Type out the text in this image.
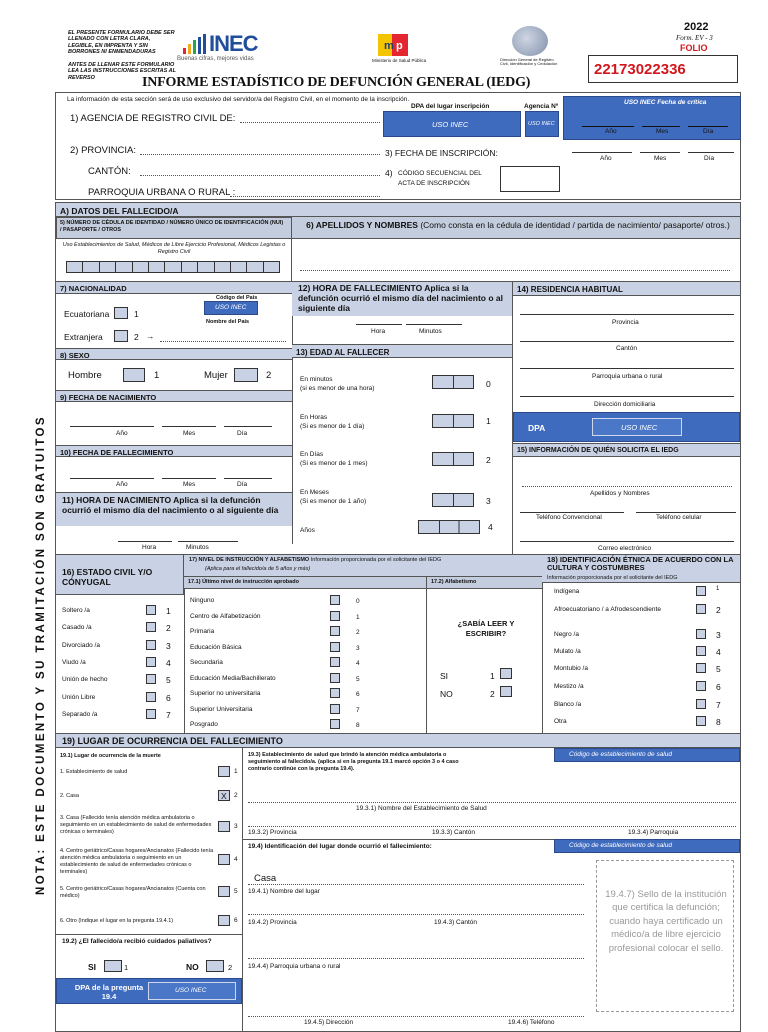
EL PRESENTE FORMULARIO DEBE SER LLENADO CON LETRA CLARA, LEGIBLE, EN IMPRENTA Y SIN BORRONES NI ENMENDADURAS
ANTES DE LLENAR ESTE FORMULARIO LEA LAS INSTRUCCIONES ESCRITAS AL REVERSO
INEC
Buenas cifras, mejores vidas
m p
Ministerio de Salud Pública	Dirección General de Registro Civil, Identificación y Cedulación
2022
Form. EV - 3
FOLIO
22173022336
INFORME ESTADÍSTICO DE DEFUNCIÓN GENERAL (IEDG)
La información de esta sección será de uso exclusivo del servidor/a del Registro Civil, en el momento de la inscripción.
DPA del lugar inscripción	Agencia Nº
USO INEC	USO INEC
USO INEC Fecha de crítica
1) AGENCIA DE REGISTRO CIVIL DE:
2) PROVINCIA:
CANTÓN:
PARROQUIA URBANA O RURAL :
3) FECHA DE INSCRIPCIÓN:
4) CÓDIGO SECUENCIAL DEL ACTA DE INSCRIPCIÓN
Año	Mes	Día
Año	Mes	Día
NOTA: ESTE DOCUMENTO Y SU TRAMITACIÓN SON GRATUITOS
A) DATOS DEL FALLECIDO/A
5) NÚMERO DE CÉDULA DE IDENTIDAD / NÚMERO ÚNICO DE IDENTIFICACIÓN (NUI) / PASAPORTE / OTROS
Uso Establecimientos de Salud, Médicos de Libre Ejercicio Profesional, Médicos Legistas o Registro Civil
6) APELLIDOS Y NOMBRES (Como consta en la cédula de identidad / partida de nacimiento/ pasaporte/ otros.)
7) NACIONALIDAD
Código del País
USO INEC
Ecuatoriana	1
Nombre del País
Extranjera	2 →
8) SEXO
Hombre	1	Mujer	2
9) FECHA DE NACIMIENTO
Año	Mes	Día
10) FECHA DE FALLECIMIENTO
Año	Mes	Día
11) HORA DE NACIMIENTO Aplica si la defunción ocurrió el mismo día del nacimiento o al siguiente día
Hora	Minutos
12) HORA DE FALLECIMIENTO Aplica si la defunción ocurrió el mismo día del nacimiento o al siguiente día
Hora	Minutos
13) EDAD AL FALLECER
En minutos
(si es menor de una hora)	0
En Horas
(Si es menor de 1 día)
1
En Días
(Si es menor de 1 mes)	2
En Meses
(Si es menor de 1 año)	3
Años	4
14) RESIDENCIA HABITUAL
Provincia
Cantón
Parroquia urbana o rural
Dirección domiciliaria
DPA	USO INEC
15) INFORMACIÓN DE QUIÉN SOLICITA EL IEDG
Apellidos y Nombres
Teléfono Convencional	Teléfono celular
Correo electrónico
16) ESTADO CIVIL Y/O CÓNYUGAL
Soltero /a	1
Casado /a	2
Divorciado /a	3
Viudo /a	4
Unión de hecho	5
Unión Libre	6
Separado /a	7
17) NIVEL DE INSTRUCCIÓN Y ALFABETISMO Información proporcionada por el solicitante del IEDG
(Aplica para el fallecido/a de 5 años y más)
17.1) Último nivel de instrucción aprobado	17.2) Alfabetismo
Ninguno	0
Centro de Alfabetización	1
Primaria	2
Educación Básica	3
Secundaria	4
Educación Media/Bachillerato	5
Superior no universitaria	6
Superior Universitaria	7
Posgrado	8
¿SABÍA LEER Y ESCRIBIR?
SI	1
NO	2
18) IDENTIFICACIÓN ÉTNICA DE ACUERDO CON LA CULTURA Y COSTUMBRES
Información proporcionada por el solicitante del IEDG
Indígena	1
Afroecuatoriano / a Afrodescendiente	2
Negro /a	3
Mulato /a	4
Montubio /a	5
Mestizo /a	6
Blanco /a	7
Otra	8
19) LUGAR DE OCURRENCIA DEL FALLECIMIENTO
19.1) Lugar de ocurrencia de la muerte
1. Establecimiento de salud	1
2. Casa	X 2
3. Casa (Fallecido tenía atención médica ambulatoria o seguimiento en un establecimiento de salud de enfermedades crónicas o terminales)
3
4. Centro geriátrico/Casas hogares/Ancianatos (Fallecido tenía atención médica ambulatoria o seguimiento en un establecimiento de salud de enfermedades crónicas o terminales)
4
5. Centro geriátrico/Casas hogares/Ancianatos (Cuenta con médico)
5
6. Otro (Indique el lugar en la pregunta 19.4.1)	6
19.2) ¿El fallecido/a recibió cuidados paliativos?
SI	1	NO	2
DPA de la pregunta 19.4
USO INEC
19.3) Establecimiento de salud que brindó la atención médica ambulatoria o seguimiento al fallecido/a. (aplica si en la pregunta 19.1 marcó opción 3 o 4 caso contrario continúe con la pregunta 19.4).
Código de establecimiento de salud
19.3.1) Nombre del Establecimiento de Salud
19.3.2) Provincia	19.3.3) Cantón	19.3.4) Parroquia
19.4) Identificación del lugar donde ocurrió el fallecimiento:	Código de establecimiento de salud
Casa
19.4.1) Nombre del lugar
19.4.2) Provincia	19.4.3) Cantón
19.4.4) Parroquia urbana o rural
19.4.5) Dirección	19.4.6) Teléfono
19.4.7) Sello de la institución que certifica la defunción; cuando haya certificado un médico/a de libre ejercicio profesional colocar el sello.
